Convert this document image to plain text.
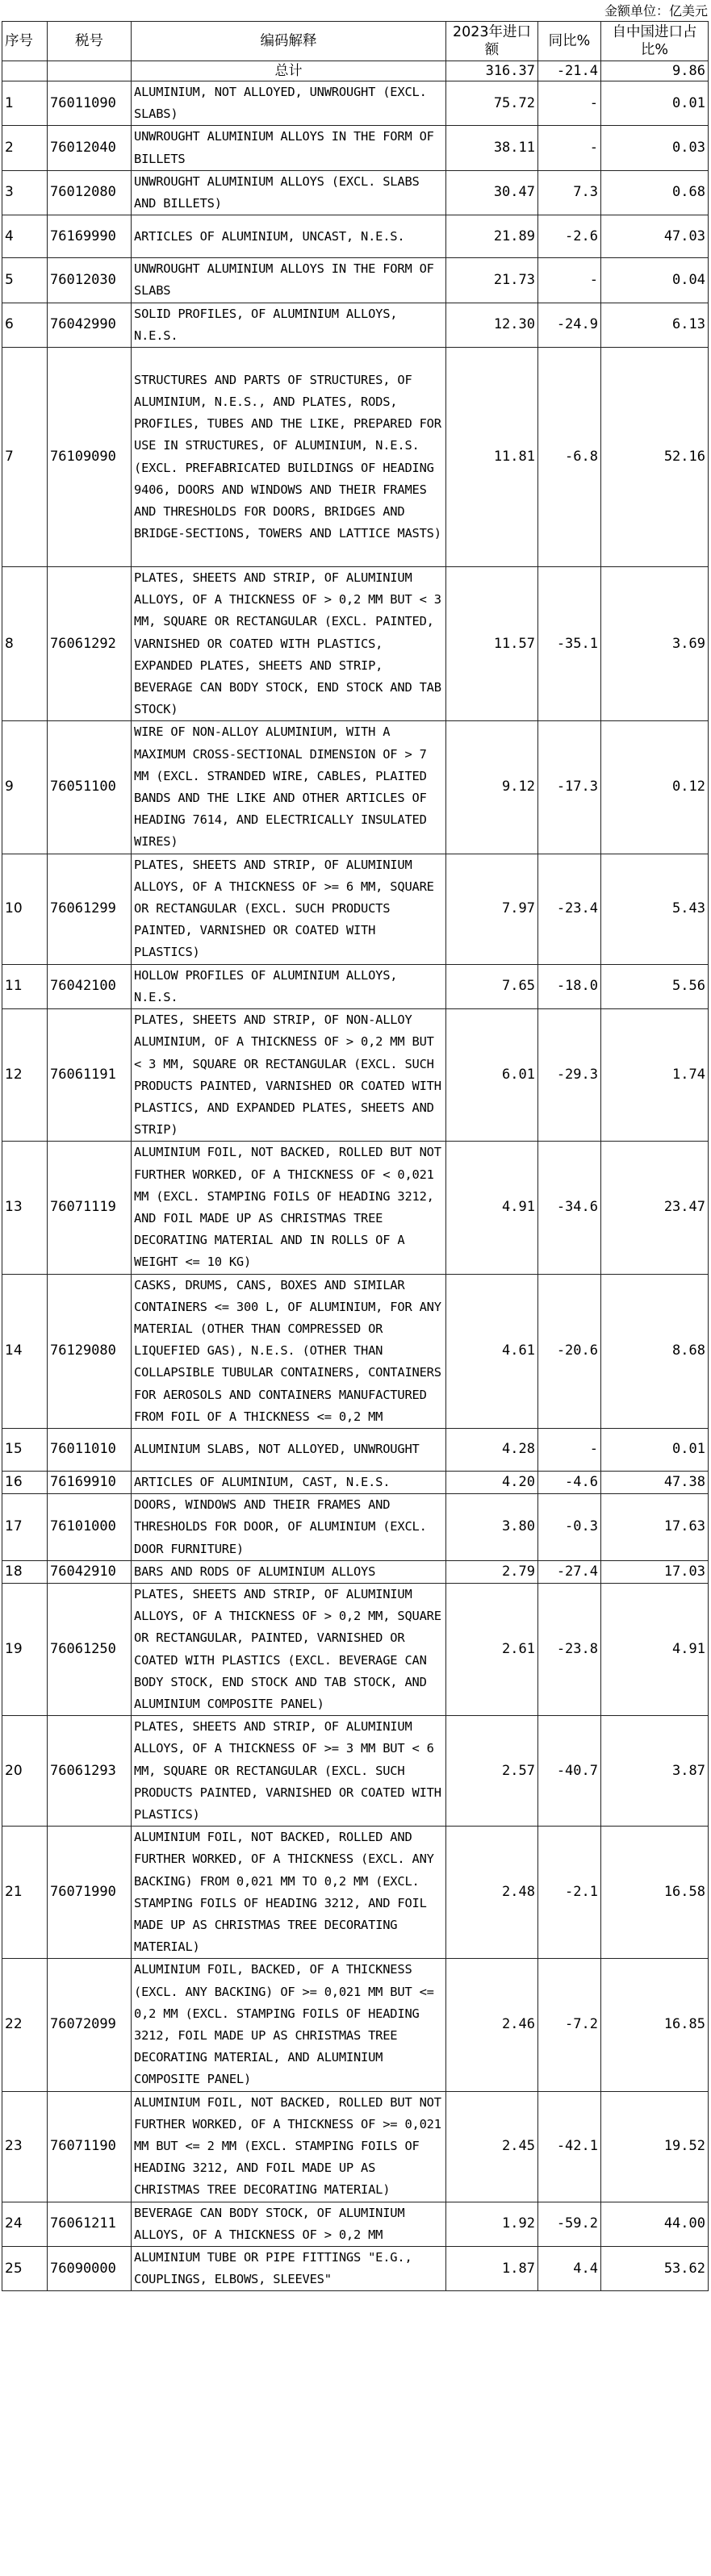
金额单位：亿美元
序号	税号	编码解释	2023年进口额	同比%	自中国进口占比%
		总计	316.37	-21.4	9.86
1	76011090	ALUMINIUM, NOT ALLOYED, UNWROUGHT (EXCL. SLABS)	75.72	-	0.01
2	76012040	UNWROUGHT ALUMINIUM ALLOYS IN THE FORM OF BILLETS	38.11	-	0.03
3	76012080	UNWROUGHT ALUMINIUM ALLOYS (EXCL. SLABS AND BILLETS)	30.47	7.3	0.68
4	76169990	ARTICLES OF ALUMINIUM, UNCAST, N.E.S.	21.89	-2.6	47.03
5	76012030	UNWROUGHT ALUMINIUM ALLOYS IN THE FORM OF SLABS	21.73	-	0.04
6	76042990	SOLID PROFILES, OF ALUMINIUM ALLOYS, N.E.S.	12.30	-24.9	6.13
7	76109090	STRUCTURES AND PARTS OF STRUCTURES, OF ALUMINIUM, N.E.S., AND PLATES, RODS, PROFILES, TUBES AND THE LIKE, PREPARED FOR USE IN STRUCTURES, OF ALUMINIUM, N.E.S. (EXCL. PREFABRICATED BUILDINGS OF HEADING 9406, DOORS AND WINDOWS AND THEIR FRAMES AND THRESHOLDS FOR DOORS, BRIDGES AND BRIDGE-SECTIONS, TOWERS AND LATTICE MASTS)	11.81	-6.8	52.16
8	76061292	PLATES, SHEETS AND STRIP, OF ALUMINIUM ALLOYS, OF A THICKNESS OF > 0,2 MM BUT < 3 MM, SQUARE OR RECTANGULAR (EXCL. PAINTED, VARNISHED OR COATED WITH PLASTICS, EXPANDED PLATES, SHEETS AND STRIP, BEVERAGE CAN BODY STOCK, END STOCK AND TAB STOCK)	11.57	-35.1	3.69
9	76051100	WIRE OF NON-ALLOY ALUMINIUM, WITH A MAXIMUM CROSS-SECTIONAL DIMENSION OF > 7 MM (EXCL. STRANDED WIRE, CABLES, PLAITED BANDS AND THE LIKE AND OTHER ARTICLES OF HEADING 7614, AND ELECTRICALLY INSULATED WIRES)	9.12	-17.3	0.12
10	76061299	PLATES, SHEETS AND STRIP, OF ALUMINIUM ALLOYS, OF A THICKNESS OF >= 6 MM, SQUARE OR RECTANGULAR (EXCL. SUCH PRODUCTS PAINTED, VARNISHED OR COATED WITH PLASTICS)	7.97	-23.4	5.43
11	76042100	HOLLOW PROFILES OF ALUMINIUM ALLOYS, N.E.S.	7.65	-18.0	5.56
12	76061191	PLATES, SHEETS AND STRIP, OF NON-ALLOY ALUMINIUM, OF A THICKNESS OF > 0,2 MM BUT < 3 MM, SQUARE OR RECTANGULAR (EXCL. SUCH PRODUCTS PAINTED, VARNISHED OR COATED WITH PLASTICS, AND EXPANDED PLATES, SHEETS AND STRIP)	6.01	-29.3	1.74
13	76071119	ALUMINIUM FOIL, NOT BACKED, ROLLED BUT NOT FURTHER WORKED, OF A THICKNESS OF < 0,021 MM (EXCL. STAMPING FOILS OF HEADING 3212, AND FOIL MADE UP AS CHRISTMAS TREE DECORATING MATERIAL AND IN ROLLS OF A WEIGHT <= 10 KG)	4.91	-34.6	23.47
14	76129080	CASKS, DRUMS, CANS, BOXES AND SIMILAR CONTAINERS <= 300 L, OF ALUMINIUM, FOR ANY MATERIAL (OTHER THAN COMPRESSED OR LIQUEFIED GAS), N.E.S. (OTHER THAN COLLAPSIBLE TUBULAR CONTAINERS, CONTAINERS FOR AEROSOLS AND CONTAINERS MANUFACTURED FROM FOIL OF A THICKNESS <= 0,2 MM	4.61	-20.6	8.68
15	76011010	ALUMINIUM SLABS, NOT ALLOYED, UNWROUGHT	4.28	-	0.01
16	76169910	ARTICLES OF ALUMINIUM, CAST, N.E.S.	4.20	-4.6	47.38
17	76101000	DOORS, WINDOWS AND THEIR FRAMES AND THRESHOLDS FOR DOOR, OF ALUMINIUM (EXCL. DOOR FURNITURE)	3.80	-0.3	17.63
18	76042910	BARS AND RODS OF ALUMINIUM ALLOYS	2.79	-27.4	17.03
19	76061250	PLATES, SHEETS AND STRIP, OF ALUMINIUM ALLOYS, OF A THICKNESS OF > 0,2 MM, SQUARE OR RECTANGULAR, PAINTED, VARNISHED OR COATED WITH PLASTICS (EXCL. BEVERAGE CAN BODY STOCK, END STOCK AND TAB STOCK, AND ALUMINIUM COMPOSITE PANEL)	2.61	-23.8	4.91
20	76061293	PLATES, SHEETS AND STRIP, OF ALUMINIUM ALLOYS, OF A THICKNESS OF >= 3 MM BUT < 6 MM, SQUARE OR RECTANGULAR (EXCL. SUCH PRODUCTS PAINTED, VARNISHED OR COATED WITH PLASTICS)	2.57	-40.7	3.87
21	76071990	ALUMINIUM FOIL, NOT BACKED, ROLLED AND FURTHER WORKED, OF A THICKNESS (EXCL. ANY BACKING) FROM 0,021 MM TO 0,2 MM (EXCL. STAMPING FOILS OF HEADING 3212, AND FOIL MADE UP AS CHRISTMAS TREE DECORATING MATERIAL)	2.48	-2.1	16.58
22	76072099	ALUMINIUM FOIL, BACKED, OF A THICKNESS (EXCL. ANY BACKING) OF >= 0,021 MM BUT <= 0,2 MM (EXCL. STAMPING FOILS OF HEADING 3212, FOIL MADE UP AS CHRISTMAS TREE DECORATING MATERIAL, AND ALUMINIUM COMPOSITE PANEL)	2.46	-7.2	16.85
23	76071190	ALUMINIUM FOIL, NOT BACKED, ROLLED BUT NOT FURTHER WORKED, OF A THICKNESS OF >= 0,021 MM BUT <= 2 MM (EXCL. STAMPING FOILS OF HEADING 3212, AND FOIL MADE UP AS CHRISTMAS TREE DECORATING MATERIAL)	2.45	-42.1	19.52
24	76061211	BEVERAGE CAN BODY STOCK, OF ALUMINIUM ALLOYS, OF A THICKNESS OF > 0,2 MM	1.92	-59.2	44.00
25	76090000	ALUMINIUM TUBE OR PIPE FITTINGS "E.G., COUPLINGS, ELBOWS, SLEEVES"	1.87	4.4	53.62
